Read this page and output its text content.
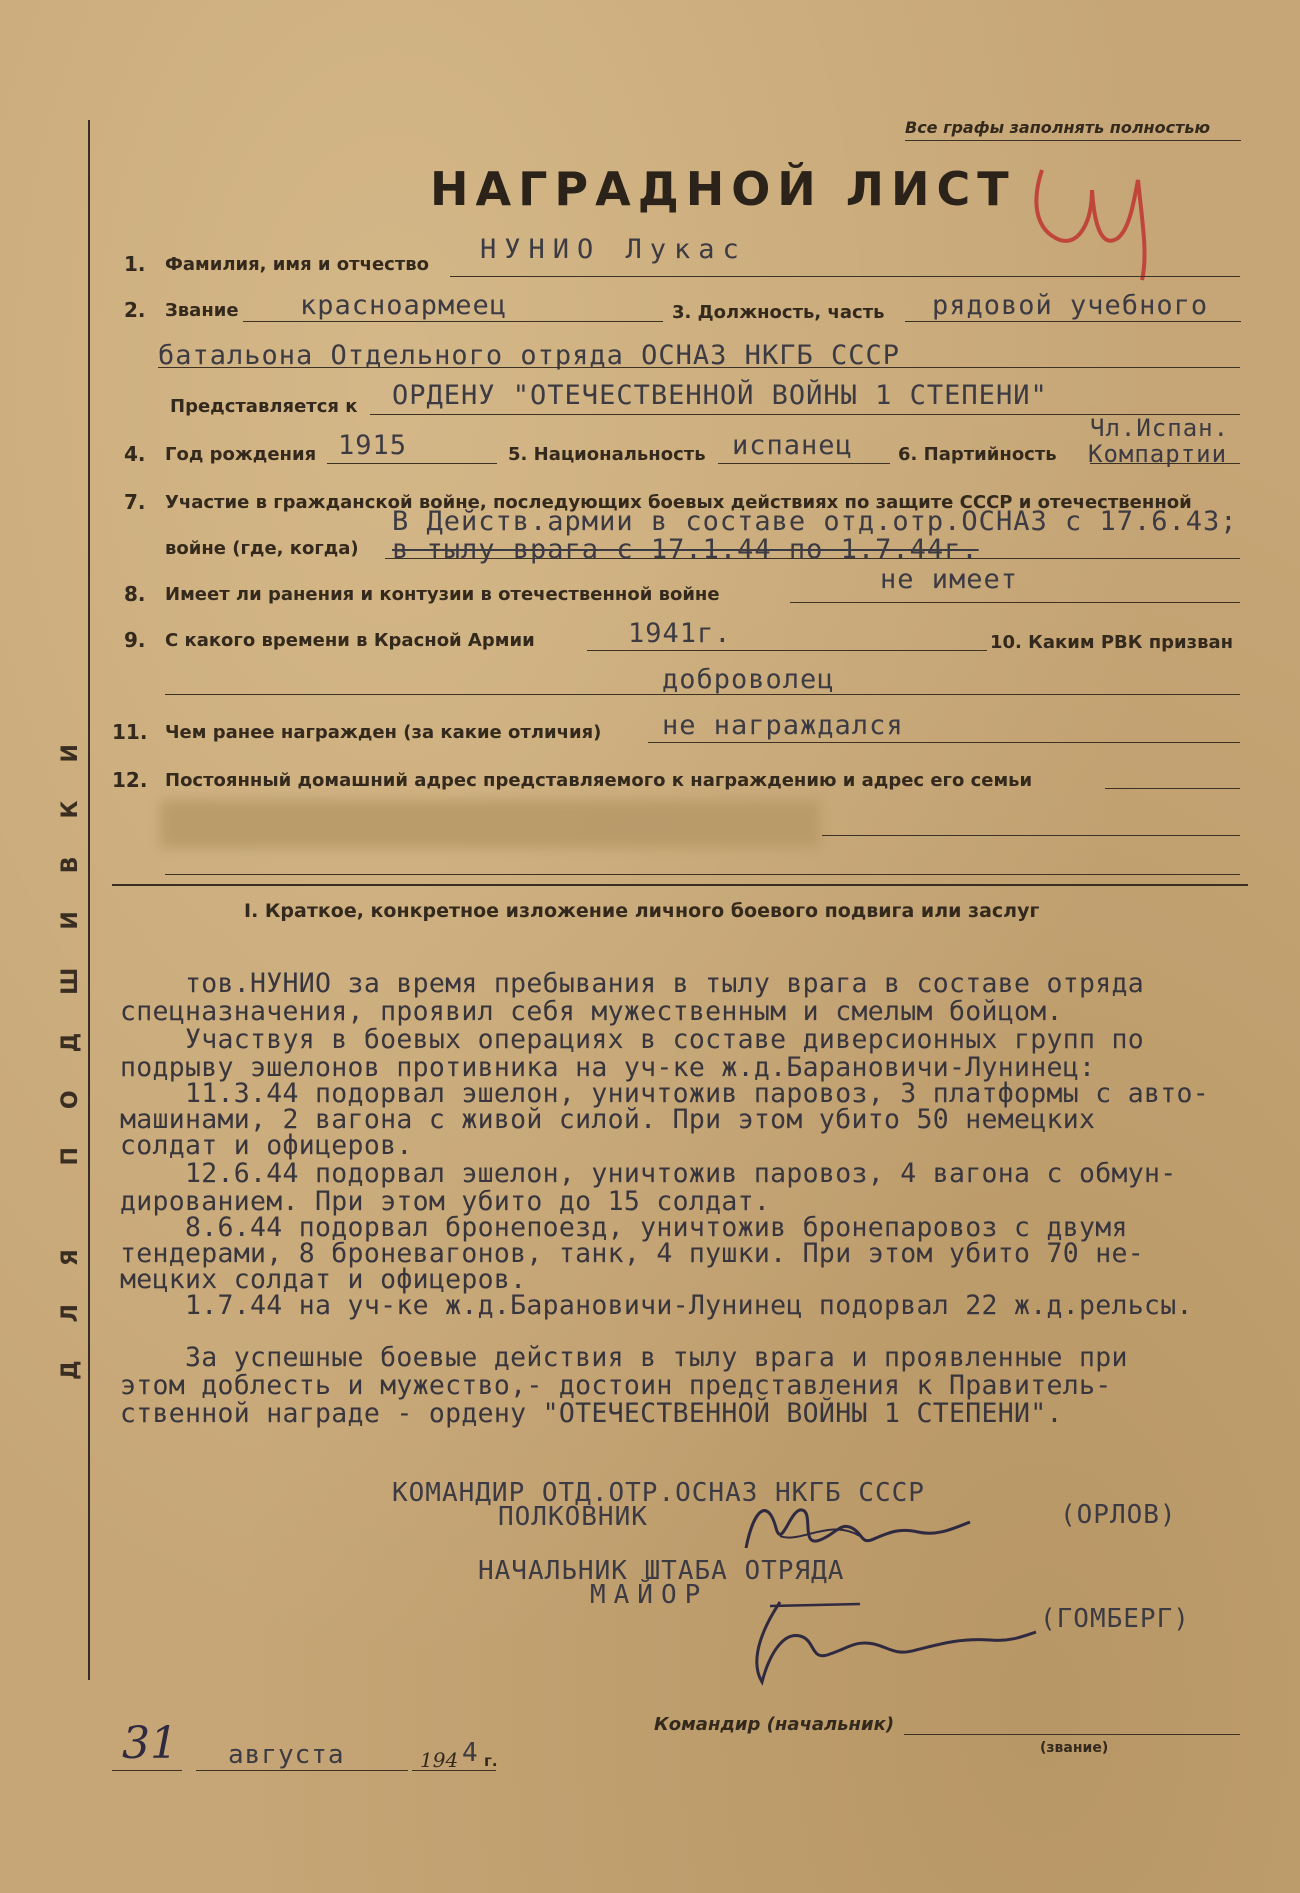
ДЛЯ ПОДШИВКИ
Все графы заполнять полностью
НАГРАДНОЙ ЛИСТ
Ч4
1. Фамилия, имя и отчество НУНИО Лукас
2. Звание красноармеец	3. Должность, часть рядовой учебного
батальона Отдельного отряда ОСНАЗ НКГБ СССР
Представляется к ОРДЕНУ "ОТЕЧЕСТВЕННОЙ ВОЙНЫ 1 СТЕПЕНИ"
4. Год рождения 1915	5. Национальность испанец	6. Партийность
Чл.Испан.
Компартии
7. Участие в гражданской войне, последующих боевых действиях по защите СССР и отечественной
В Действ.армии в составе отд.отр.ОСНАЗ с 17.6.43;
войне (где, когда) в тылу врага с 17.1.44 по 1.7.44г.
8. Имеет ли ранения и контузии в отечественной войне	не имеет
9. С какого времени в Красной Армии	1941г.	10. Каким РВК призван
доброволец
11. Чем ранее награжден (за какие отличия) не награждался
12. Постоянный домашний адрес представляемого к награждению и адрес его семьи
I. Краткое, конкретное изложение личного боевого подвига или заслуг
тов.НУНИО за время пребывания в тылу врага в составе отряда
спецназначения, проявил себя мужественным и смелым бойцом.
Участвуя в боевых операциях в составе диверсионных групп по
подрыву эшелонов противника на уч-ке ж.д.Барановичи-Лунинец:
11.3.44 подорвал эшелон, уничтожив паровоз, 3 платформы с авто-
машинами, 2 вагона с живой силой. При этом убито 50 немецких
солдат и офицеров.
12.6.44 подорвал эшелон, уничтожив паровоз, 4 вагона с обмун-
дированием. При этом убито до 15 солдат.
8.6.44 подорвал бронепоезд, уничтожив бронепаровоз с двумя
тендерами, 8 броневагонов, танк, 4 пушки. При этом убито 70 не-
мецких солдат и офицеров.
1.7.44 на уч-ке ж.д.Барановичи-Лунинец подорвал 22 ж.д.рельсы.
За успешные боевые действия в тылу врага и проявленные при
этом доблесть и мужество,- достоин представления к Правитель-
ственной награде - ордену "ОТЕЧЕСТВЕННОЙ ВОЙНЫ 1 СТЕПЕНИ".
КОМАНДИР ОТД.ОТР.ОСНАЗ НКГБ СССР
ПОЛКОВНИК	(ОРЛОВ)
НАЧАЛЬНИК ШТАБА ОТРЯДА
МАЙОР
(ГОМБЕРГ)
31 августа	194 4 г.
Командир (начальник)
(звание)
